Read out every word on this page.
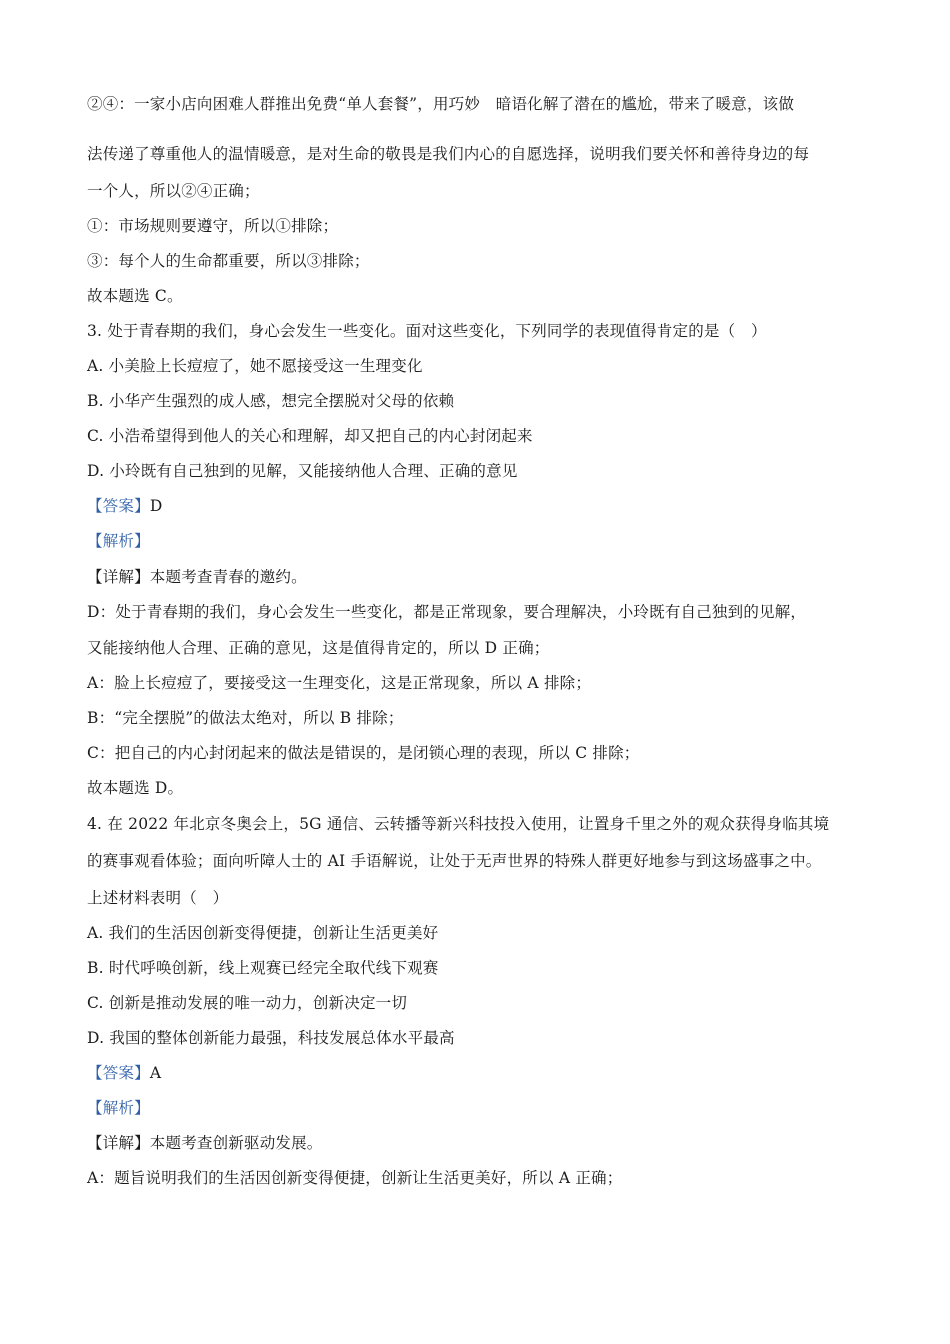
②④：一家小店向困难人群推出免费“单人套餐”，用巧妙　暗语化解了潜在的尴尬，带来了暖意，该做
法传递了尊重他人的温情暖意，是对生命的敬畏是我们内心的自愿选择，说明我们要关怀和善待身边的每
一个人，所以②④正确；
①：市场规则要遵守，所以①排除；
③：每个人的生命都重要，所以③排除；
故本题选 C。
3. 处于青春期的我们，身心会发生一些变化。面对这些变化，下列同学的表现值得肯定的是（　）
A. 小美脸上长痘痘了，她不愿接受这一生理变化
B. 小华产生强烈的成人感，想完全摆脱对父母的依赖
C. 小浩希望得到他人的关心和理解，却又把自己的内心封闭起来
D. 小玲既有自己独到的见解，又能接纳他人合理、正确的意见
【答案】D
【解析】
【详解】本题考查青春的邀约。
D：处于青春期的我们，身心会发生一些变化，都是正常现象，要合理解决，小玲既有自己独到的见解，
又能接纳他人合理、正确的意见，这是值得肯定的，所以 D 正确；
A：脸上长痘痘了，要接受这一生理变化，这是正常现象，所以 A 排除；
B：“完全摆脱”的做法太绝对，所以 B 排除；
C：把自己的内心封闭起来的做法是错误的，是闭锁心理的表现，所以 C 排除；
故本题选 D。
4. 在 2022 年北京冬奥会上，5G 通信、云转播等新兴科技投入使用，让置身千里之外的观众获得身临其境
的赛事观看体验；面向听障人士的 AI 手语解说，让处于无声世界的特殊人群更好地参与到这场盛事之中。
上述材料表明（　）
A. 我们的生活因创新变得便捷，创新让生活更美好
B. 时代呼唤创新，线上观赛已经完全取代线下观赛
C. 创新是推动发展的唯一动力，创新决定一切
D. 我国的整体创新能力最强，科技发展总体水平最高
【答案】A
【解析】
【详解】本题考查创新驱动发展。
A：题旨说明我们的生活因创新变得便捷，创新让生活更美好，所以 A 正确；
